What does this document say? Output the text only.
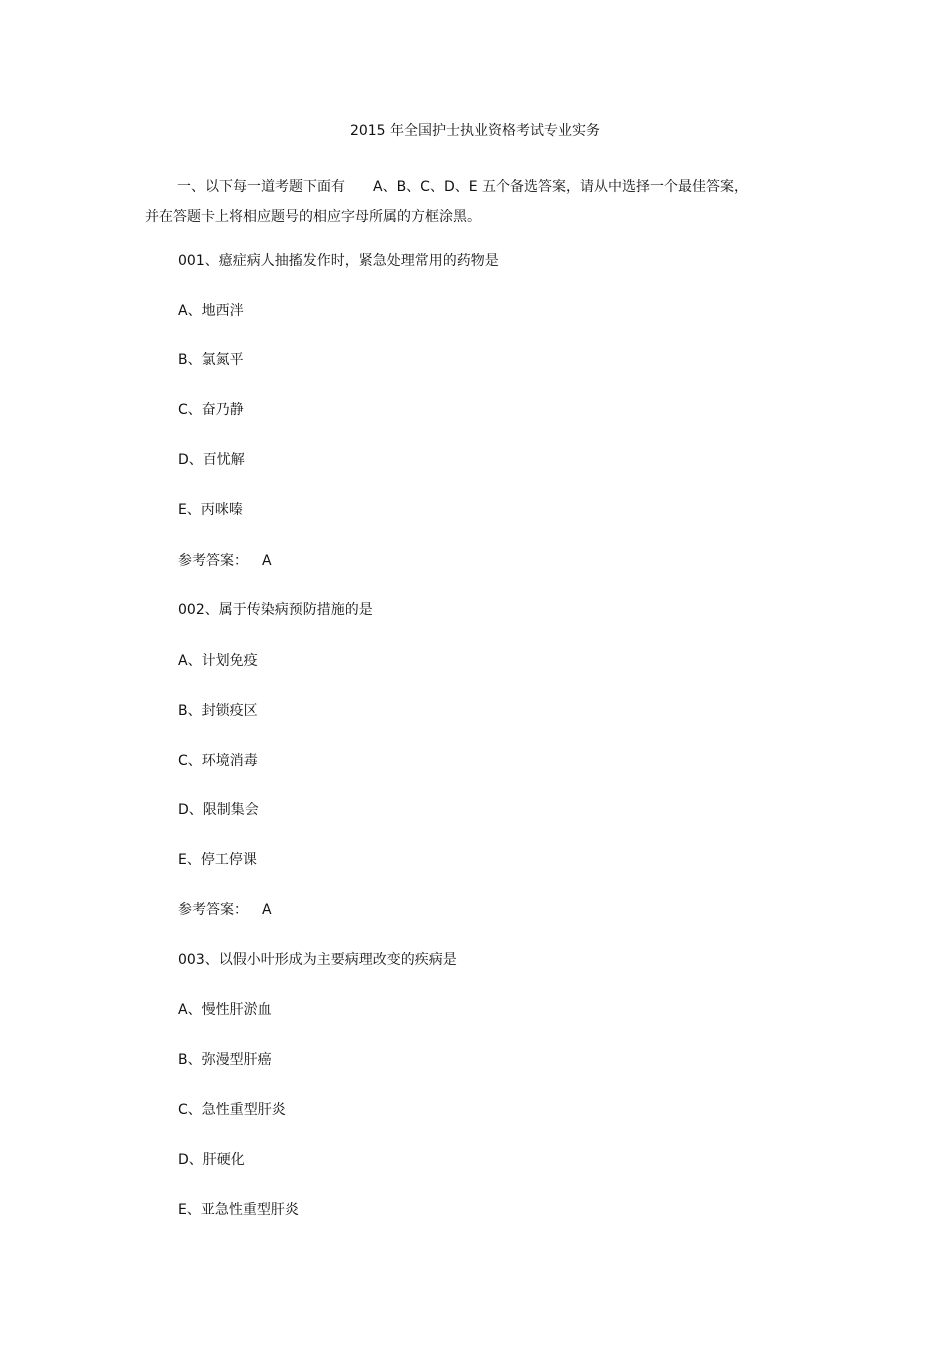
2015 年全国护士执业资格考试专业实务
一、以下每一道考题下面有　　A、B、C、D、E 五个备选答案，请从中选择一个最佳答案，
并在答题卡上将相应题号的相应字母所属的方框涂黑。
001、癔症病人抽搐发作时，紧急处理常用的药物是
A、地西泮
B、氯氮平
C、奋乃静
D、百忧解
E、丙咪嗪
参考答案： A
002、属于传染病预防措施的是
A、计划免疫
B、封锁疫区
C、环境消毒
D、限制集会
E、停工停课
参考答案： A
003、以假小叶形成为主要病理改变的疾病是
A、慢性肝淤血
B、弥漫型肝癌
C、急性重型肝炎
D、肝硬化
E、亚急性重型肝炎
